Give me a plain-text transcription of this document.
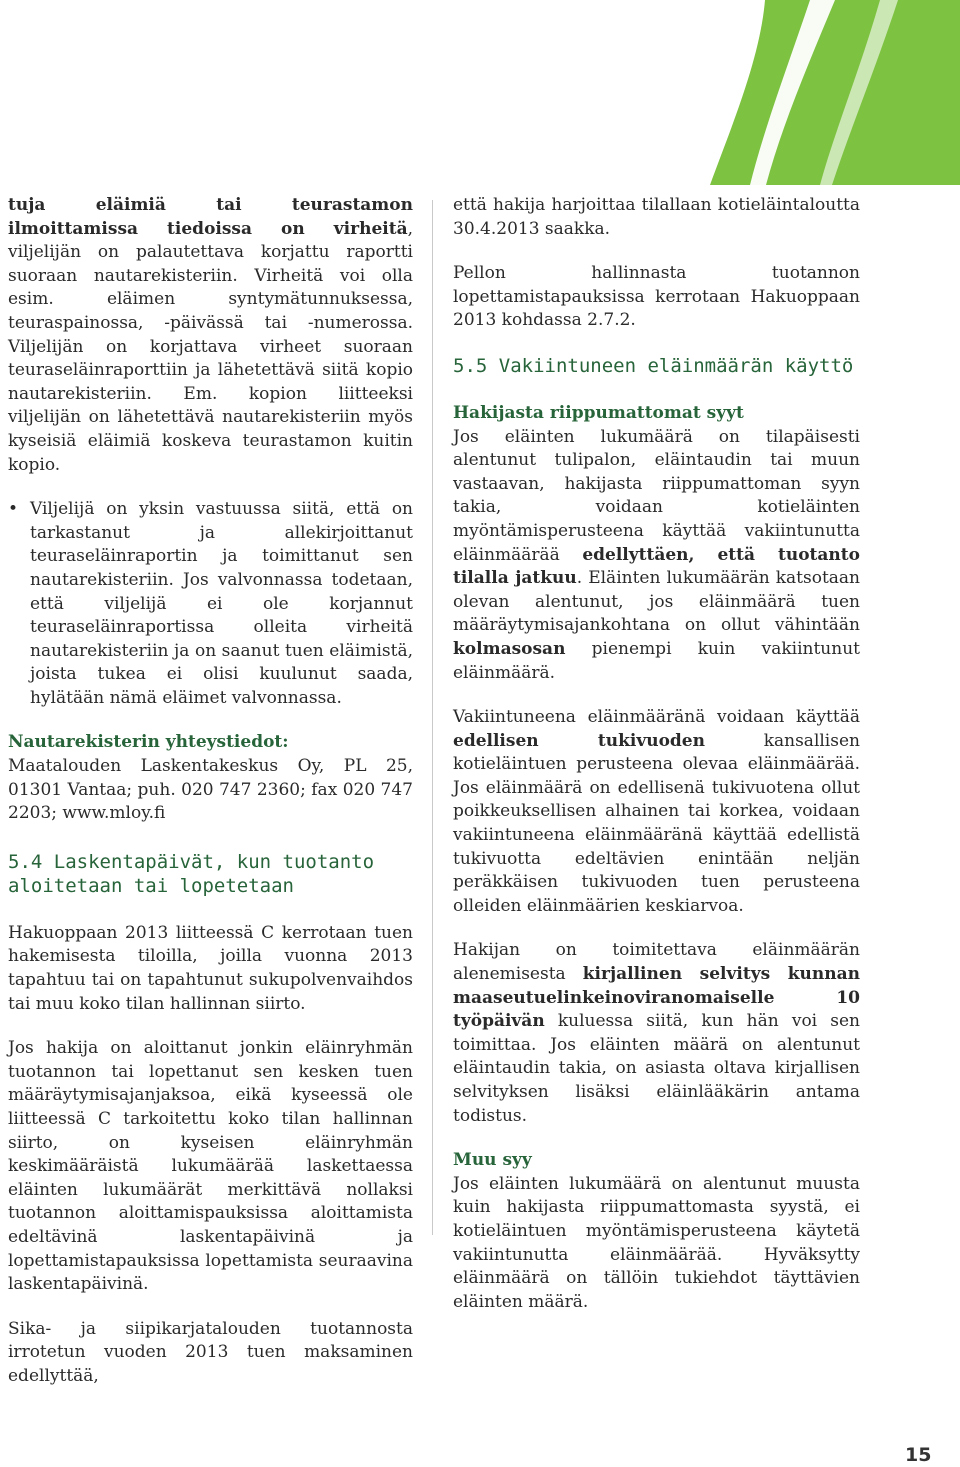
tuja eläimiä tai teurastamon ilmoittamissa tiedoissa on virheitä, viljelijän on palautettava korjattu raportti suoraan nautarekisteriin. Virheitä voi olla esim. eläimen syntymätunnuksessa, teuraspainossa, -päivässä tai -numerossa. Viljelijän on korjattava virheet suoraan teuraseläinraporttiin ja lähetettävä siitä kopio nautarekisteriin. Em. kopion liitteeksi viljelijän on lähetettävä nautarekisteriin myös kyseisiä eläimiä koskeva teurastamon kuitin kopio.

• Viljelijä on yksin vastuussa siitä, että on tarkastanut ja allekirjoittanut teuraseläinraportin ja toimittanut sen nautarekisteriin. Jos valvonnassa todetaan, että viljelijä ei ole korjannut teuraseläinraportissa olleita virheitä nautarekisteriin ja on saanut tuen eläimistä, joista tukea ei olisi kuulunut saada, hylätään nämä eläimet valvonnassa.

Nautarekisterin yhteystiedot:
Maatalouden Laskentakeskus Oy, PL 25, 01301 Vantaa; puh. 020 747 2360; fax 020 747 2203; www.mloy.fi

5.4 Laskentapäivät, kun tuotanto aloitetaan tai lopetetaan

Hakuoppaan 2013 liitteessä C kerrotaan tuen hakemisesta tiloilla, joilla vuonna 2013 tapahtuu tai on tapahtunut sukupolvenvaihdos tai muu koko tilan hallinnan siirto.

Jos hakija on aloittanut jonkin eläinryhmän tuotannon tai lopettanut sen kesken tuen määräytymisajanjaksoa, eikä kyseessä ole liitteessä C tarkoitettu koko tilan hallinnan siirto, on kyseisen eläinryhmän keskimääräistä lukumäärää laskettaessa eläinten lukumäärät merkittävä nollaksi tuotannon aloittamispauksissa aloittamista edeltävinä laskentapäivinä ja lopettamistapauksissa lopettamista seuraavina laskentapäivinä.

Sika- ja siipikarjatalouden tuotannosta irrotetun vuoden 2013 tuen maksaminen edellyttää,

että hakija harjoittaa tilallaan kotieläintaloutta 30.4.2013 saakka.

Pellon hallinnasta tuotannon lopettamistapauksissa kerrotaan Hakuoppaan 2013 kohdassa 2.7.2.

5.5 Vakiintuneen eläinmäärän käyttö

Hakijasta riippumattomat syyt
Jos eläinten lukumäärä on tilapäisesti alentunut tulipalon, eläintaudin tai muun vastaavan, hakijasta riippumattoman syyn takia, voidaan kotieläinten myöntämisperusteena käyttää vakiintunutta eläinmäärää edellyttäen, että tuotanto tilalla jatkuu. Eläinten lukumäärän katsotaan olevan alentunut, jos eläinmäärä tuen määräytymisajankohtana on ollut vähintään kolmasosan pienempi kuin vakiintunut eläinmäärä.

Vakiintuneena eläinmääränä voidaan käyttää edellisen tukivuoden kansallisen kotieläintuen perusteena olevaa eläinmäärää. Jos eläinmäärä on edellisenä tukivuotena ollut poikkeuksellisen alhainen tai korkea, voidaan vakiintuneena eläinmääränä käyttää edellistä tukivuotta edeltävien enintään neljän peräkkäisen tukivuoden tuen perusteena olleiden eläinmäärien keskiarvoa.

Hakijan on toimitettava eläinmäärän alenemisesta kirjallinen selvitys kunnan maaseutuelinkeinoviranomaiselle 10 työpäivän kuluessa siitä, kun hän voi sen toimittaa. Jos eläinten määrä on alentunut eläintaudin takia, on asiasta oltava kirjallisen selvityksen lisäksi eläinlääkärin antama todistus.

Muu syy
Jos eläinten lukumäärä on alentunut muusta kuin hakijasta riippumattomasta syystä, ei kotieläintuen myöntämisperusteena käytetä vakiintunutta eläinmäärää. Hyväksytty eläinmäärä on tällöin tukiehdot täyttävien eläinten määrä.

15
